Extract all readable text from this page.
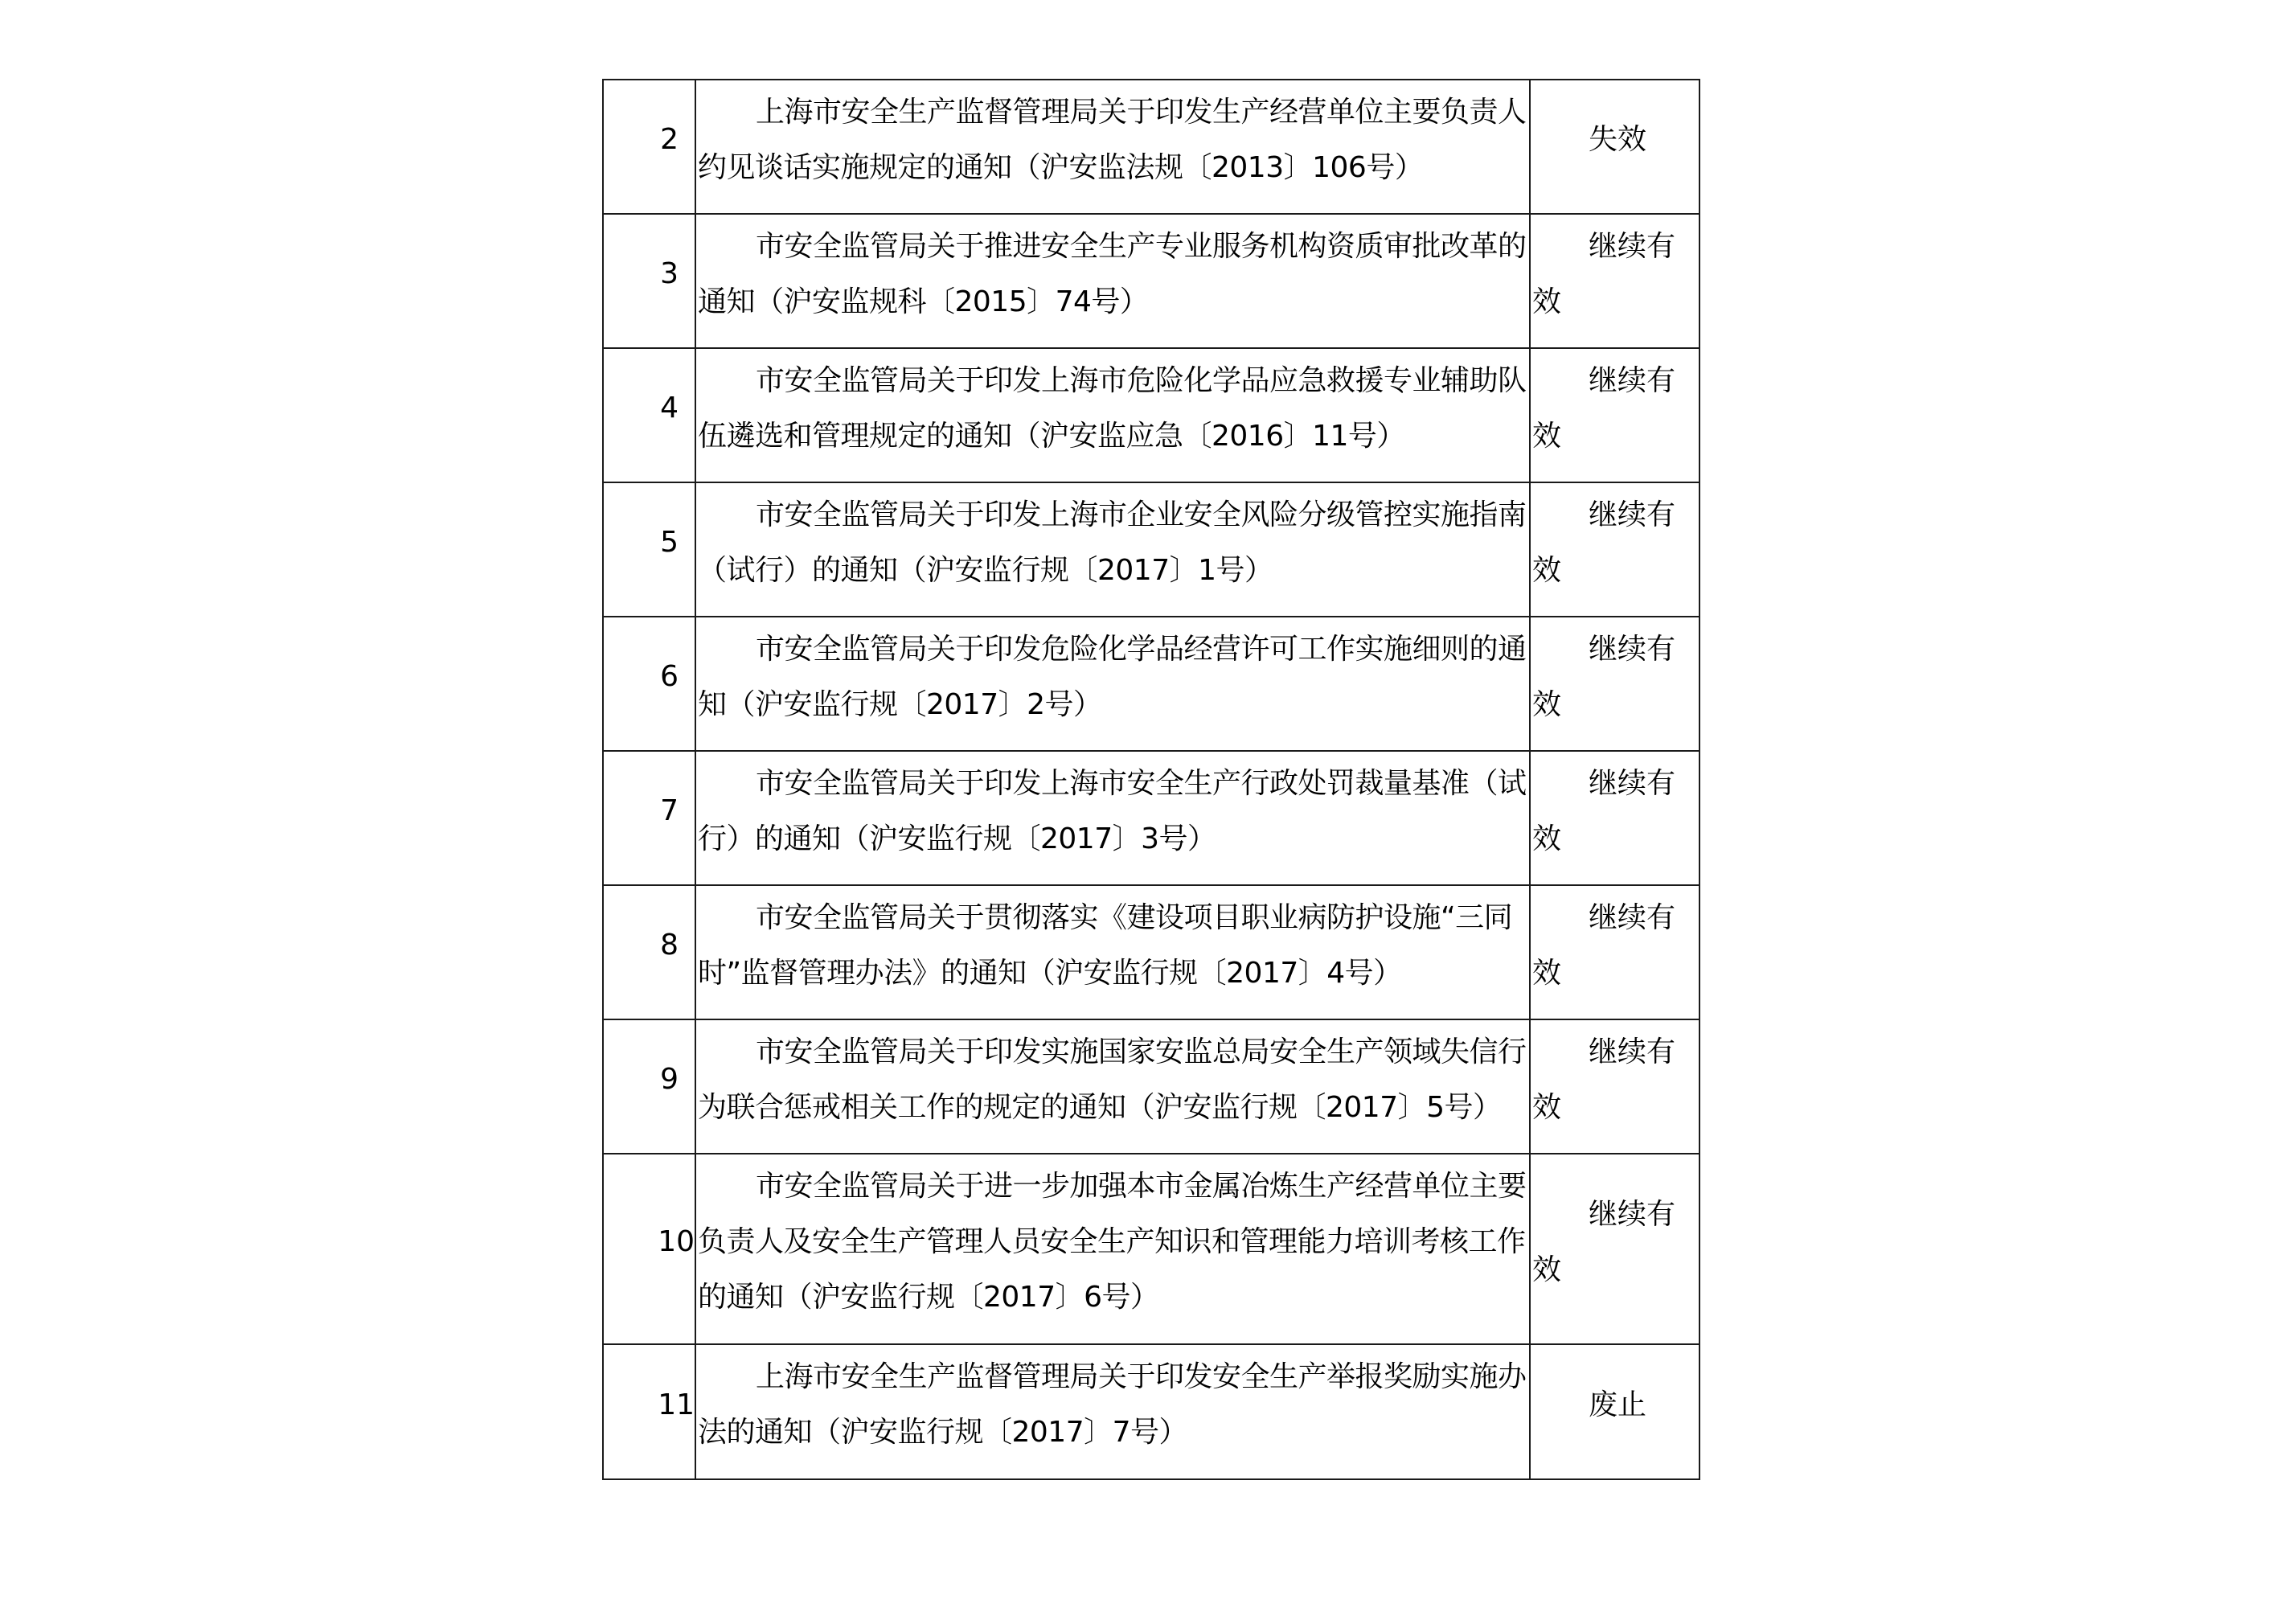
2	上海市安全生产监督管理局关于印发生产经营单位主要负责人
约见谈话实施规定的通知（沪安监法规〔2013〕106号）	失效

3	市安全监管局关于推进安全生产专业服务机构资质审批改革的
通知（沪安监规科〔2015〕74号）	继续有
效

4	市安全监管局关于印发上海市危险化学品应急救援专业辅助队
伍遴选和管理规定的通知（沪安监应急〔2016〕11号）	继续有
效

5	市安全监管局关于印发上海市企业安全风险分级管控实施指南
（试行）的通知（沪安监行规〔2017〕1号）	继续有
效

6	市安全监管局关于印发危险化学品经营许可工作实施细则的通
知（沪安监行规〔2017〕2号）	继续有
效

7	市安全监管局关于印发上海市安全生产行政处罚裁量基准（试
行）的通知（沪安监行规〔2017〕3号）	继续有
效

8	市安全监管局关于贯彻落实《建设项目职业病防护设施“三同
时”监督管理办法》的通知（沪安监行规〔2017〕4号）	继续有
效

9	市安全监管局关于印发实施国家安监总局安全生产领域失信行
为联合惩戒相关工作的规定的通知（沪安监行规〔2017〕5号）	继续有
效

10	市安全监管局关于进一步加强本市金属冶炼生产经营单位主要
负责人及安全生产管理人员安全生产知识和管理能力培训考核工作
的通知（沪安监行规〔2017〕6号）	继续有
效

11	上海市安全生产监督管理局关于印发安全生产举报奖励实施办
法的通知（沪安监行规〔2017〕7号）	废止
